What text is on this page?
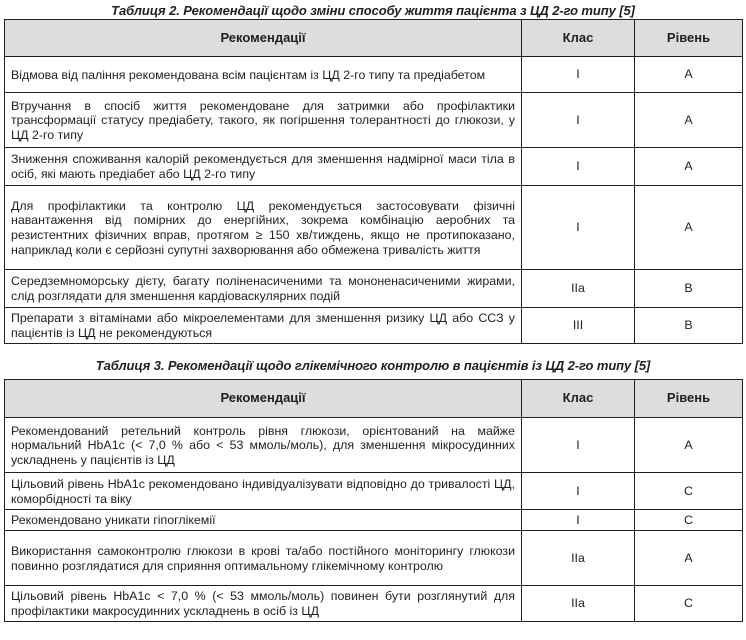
Таблиця 2. Рекомендації щодо зміни способу життя пацієнта з ЦД 2-го типу [5]
Рекомендації	Клас	Рівень
Відмова від паління рекомендована всім пацієнтам із ЦД 2-го типу та предіабетом	I	A
Втручання в спосіб життя рекомендоване для затримки або профілактики трансформації статусу предіабету, такого, як погіршення толерантності до глюкози, у ЦД 2-го типу	I	A
Зниження споживання калорій рекомендується для зменшення надмірної маси тіла в осіб, які мають предіабет або ЦД 2-го типу	I	A
Для профілактики та контролю ЦД рекомендується застосовувати фізичні навантаження від помірних до енергійних, зокрема комбінацію аеробних та резистентних фізичних вправ, протягом ≥ 150 хв/тиждень, якщо не протипоказано, наприклад коли є серйозні супутні захворювання або обмежена тривалість життя	I	A
Середземноморську дієту, багату поліненасиченими та мононенасиченими жирами, слід розглядати для зменшення кардіоваскулярних подій	IIa	B
Препарати з вітамінами або мікроелементами для зменшення ризику ЦД або ССЗ у пацієнтів із ЦД не рекомендуються	III	B
Таблиця 3. Рекомендації щодо глікемічного контролю в пацієнтів із ЦД 2-го типу [5]
Рекомендації	Клас	Рівень
Рекомендований ретельний контроль рівня глюкози, орієнтований на майже нормальний HbA1c (< 7,0 % або < 53 ммоль/моль), для зменшення мікросудинних ускладнень у пацієнтів із ЦД	I	A
Цільовий рівень HbA1c рекомендовано індивідуалізувати відповідно до тривалості ЦД, коморбідності та віку	I	C
Рекомендовано уникати гіпоглікемії	I	C
Використання самоконтролю глюкози в крові та/або постійного моніторингу глюкози повинно розглядатися для сприяння оптимальному глікемічному контролю	IIa	A
Цільовий рівень HbA1c < 7,0 % (< 53 ммоль/моль) повинен бути розглянутий для профілактики макросудинних ускладнень в осіб із ЦД	IIa	C
